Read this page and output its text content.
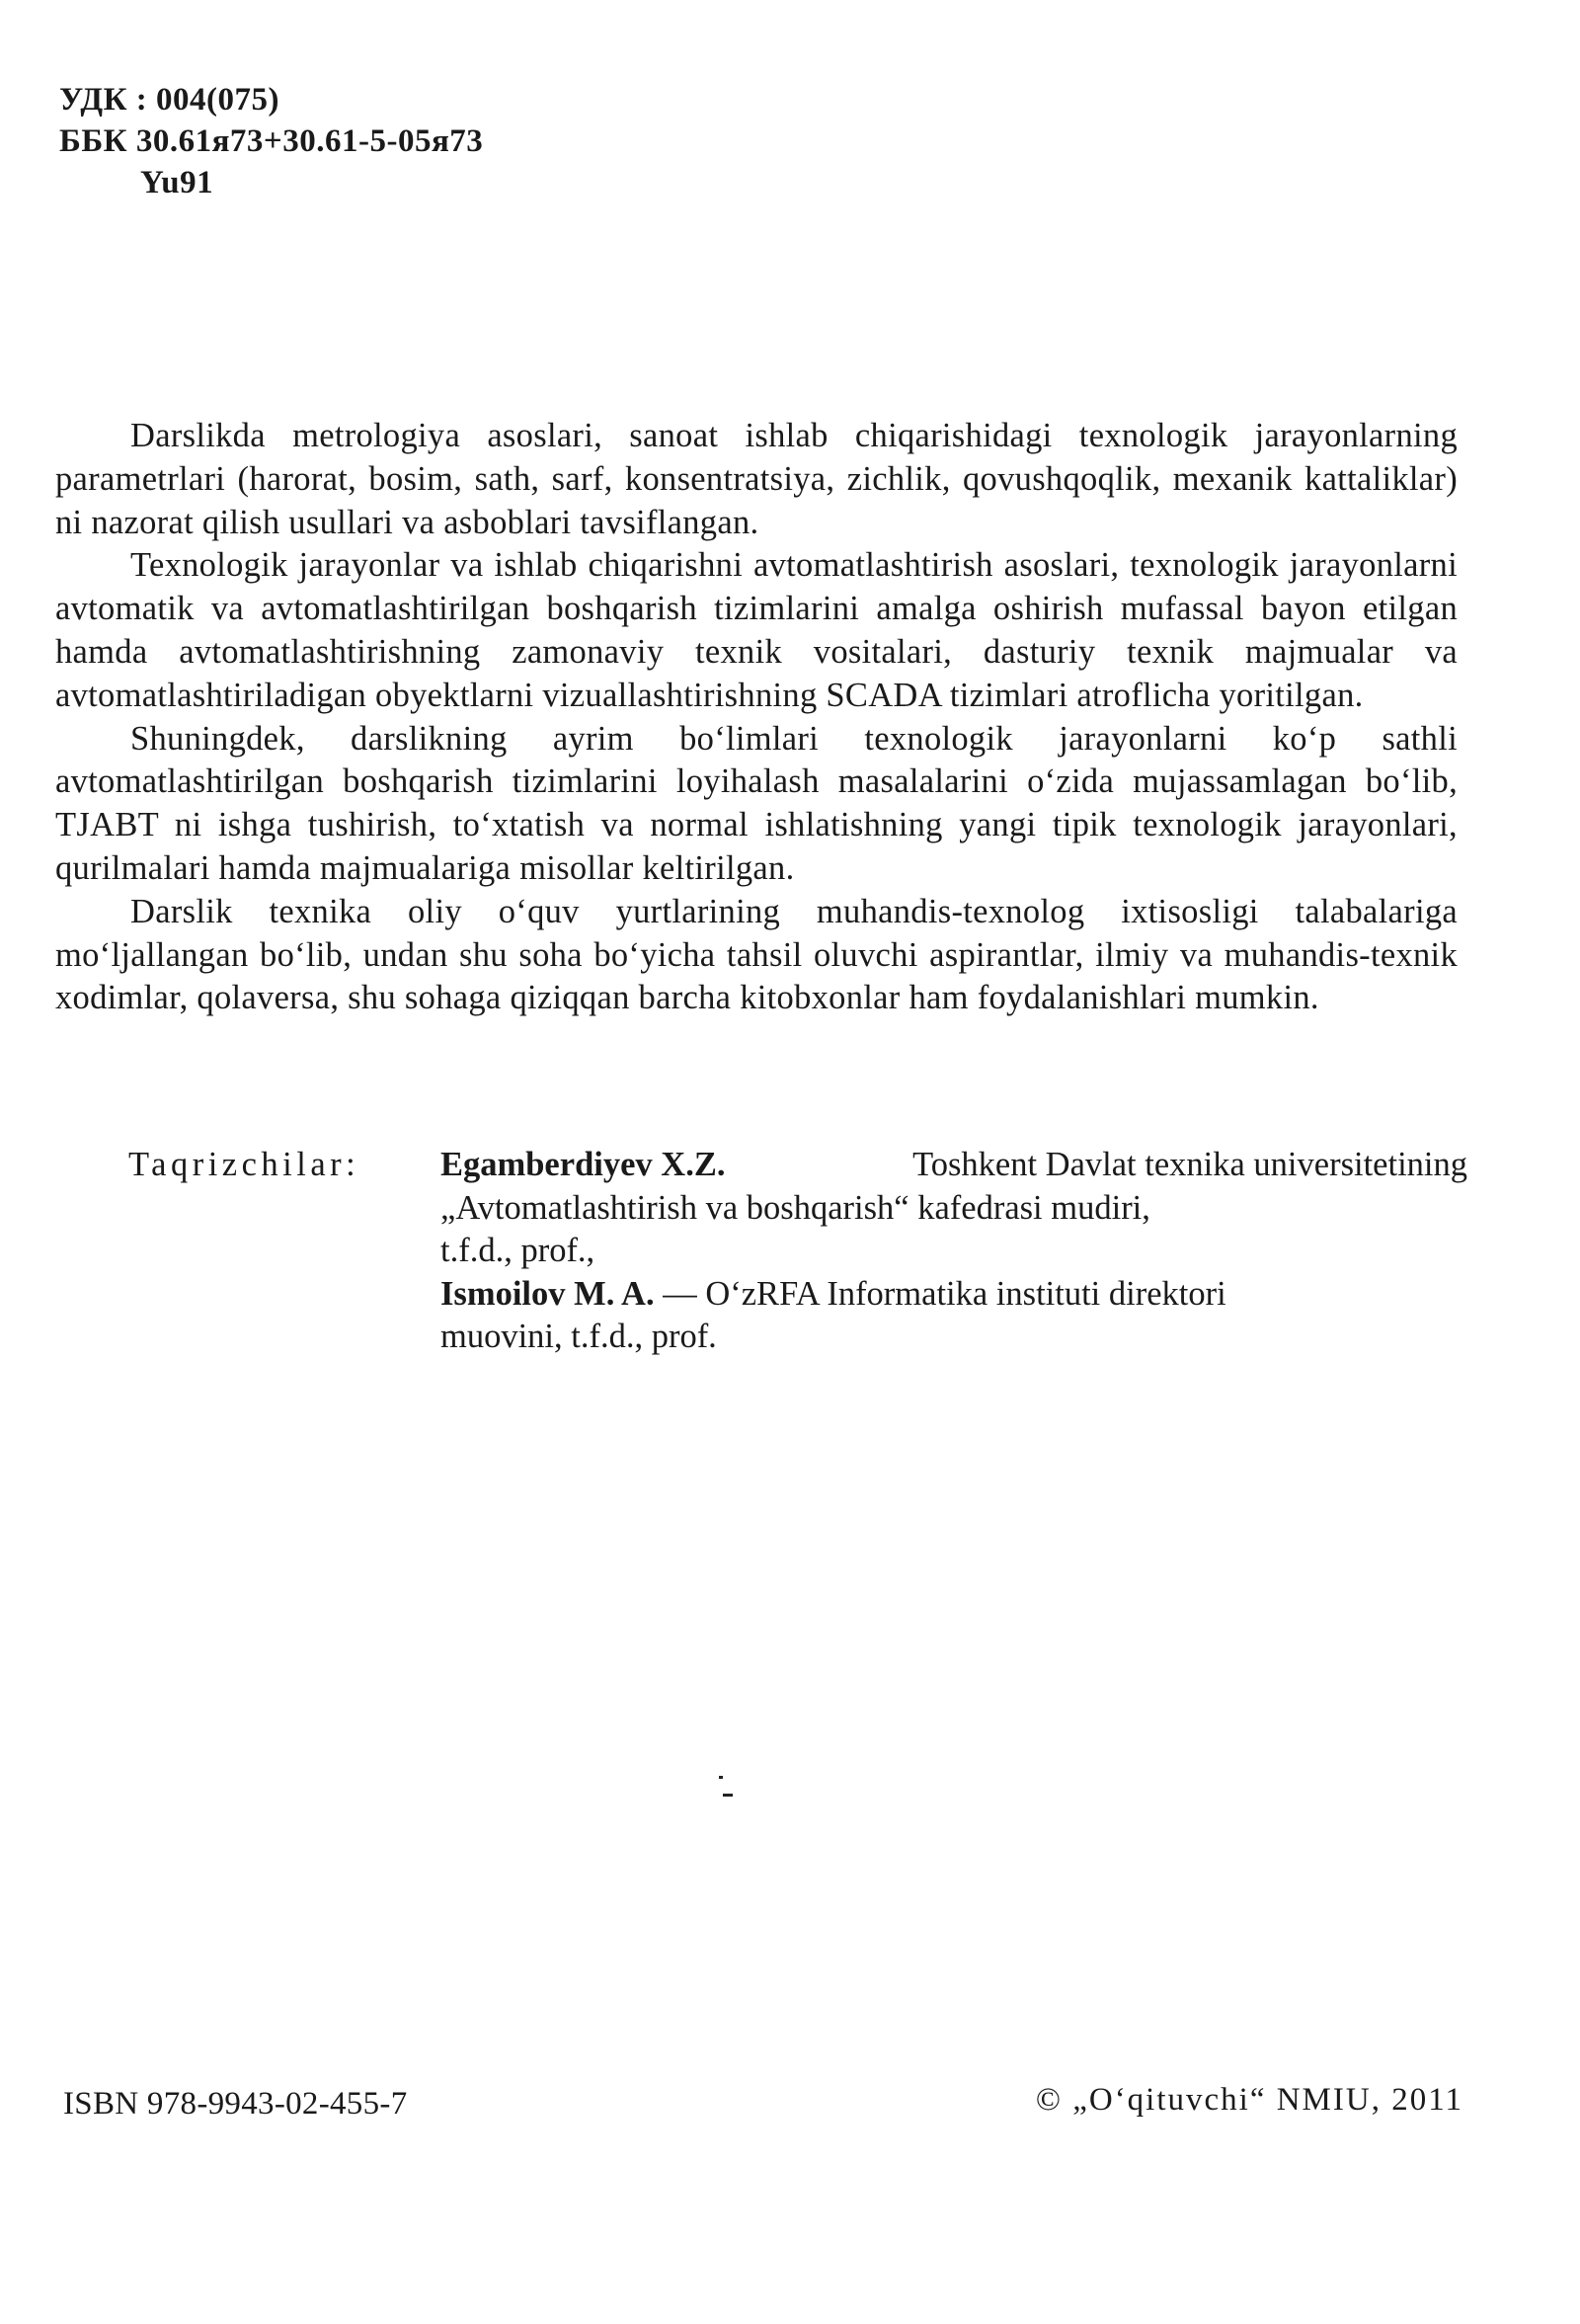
УДК : 004(075)
ББК 30.61я73+30.61-5-05я73
Yu91

Darslikda metrologiya asoslari, sanoat ishlab chiqarishidagi texnologik jarayonlarning parametrlari (harorat, bosim, sath, sarf, konsentratsiya, zichlik, qovushqoqlik, mexanik kattaliklar) ni nazorat qilish usullari va asboblari tavsiflangan.

Texnologik jarayonlar va ishlab chiqarishni avtomatlashtirish asoslari, texnologik jarayonlarni avtomatik va avtomatlashtirilgan boshqarish tizimlarini amalga oshirish mufassal bayon etilgan hamda avtomatlashtirishning zamonaviy texnik vositalari, dasturiy texnik majmualar va avtomatlashtiriladigan obyektlarni vizuallashtirishning SCADA tizimlari atroflicha yoritilgan.

Shuningdek, darslikning ayrim bo‘limlari texnologik jarayonlarni ko‘p sathli avtomatlashtirilgan boshqarish tizimlarini loyihalash masalalarini o‘zida mujassamlagan bo‘lib, TJABT ni ishga tushirish, to‘xtatish va normal ishlatishning yangi tipik texnologik jarayonlari, qurilmalari hamda majmualariga misollar keltirilgan.

Darslik texnika oliy o‘quv yurtlarining muhandis-texnolog ixtisosligi talabalariga mo‘ljallangan bo‘lib, undan shu soha bo‘yicha tahsil oluvchi aspirantlar, ilmiy va muhandis-texnik xodimlar, qolaversa, shu sohaga qiziqqan barcha kitobxonlar ham foydalanishlari mumkin.

Taqrizchilar: Egamberdiyev X.Z.	Toshkent Davlat texnika universitetining
„Avtomatlashtirish va boshqarish“ kafedrasi mudiri,
t.f.d., prof.,
Ismoilov M. A. — O‘zRFA Informatika instituti direktori
muovini, t.f.d., prof.

ISBN 978-9943-02-455-7	© „O‘qituvchi“ NMIU, 2011
